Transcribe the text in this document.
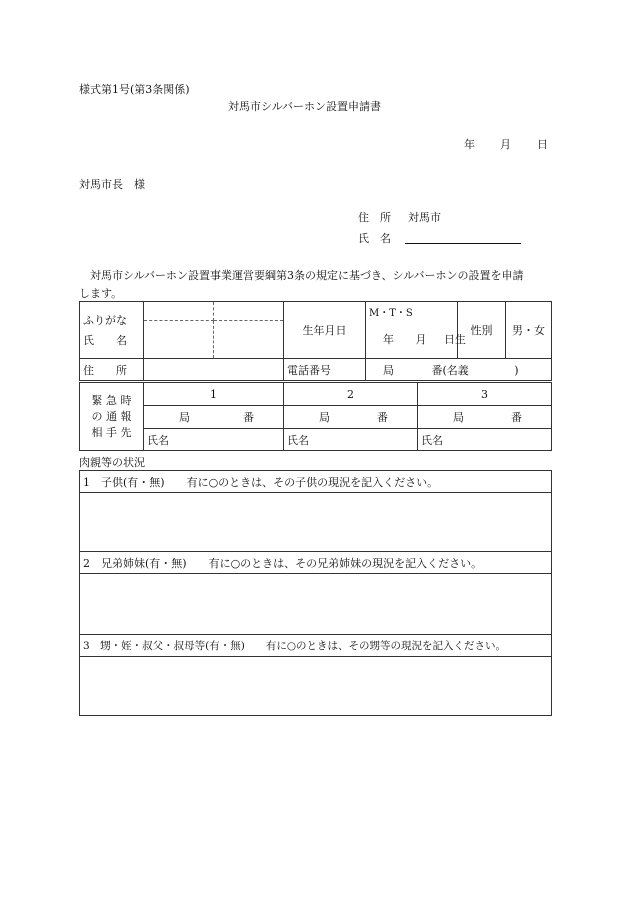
様式第1号(第3条関係)
対馬市シルバーホン設置申請書
年 月 日
対馬市長　様
住　所 対馬市
氏　名
対馬市シルバーホン設置事業運営要綱第3条の規定に基づき、シルバーホンの設置を申請
します。
ふりがな
氏　　名			生年月日	M・T・S	性別	男・女
				年 月 日生		
住　　所			電話番号	局 番(名義 )		
緊 急 時
の 通 報
相 手 先	1	2	3

	局 番	局 番	局 番

	氏名	氏名	氏名
肉親等の状況
1　子供(有・無)　　有に○のときは、その子供の現況を記入ください。

2　兄弟姉妹(有・無)　　有に○のときは、その兄弟姉妹の現況を記入ください。

3　甥・姪・叔父・叔母等(有・無)　　有に○のときは、その甥等の現況を記入ください。
